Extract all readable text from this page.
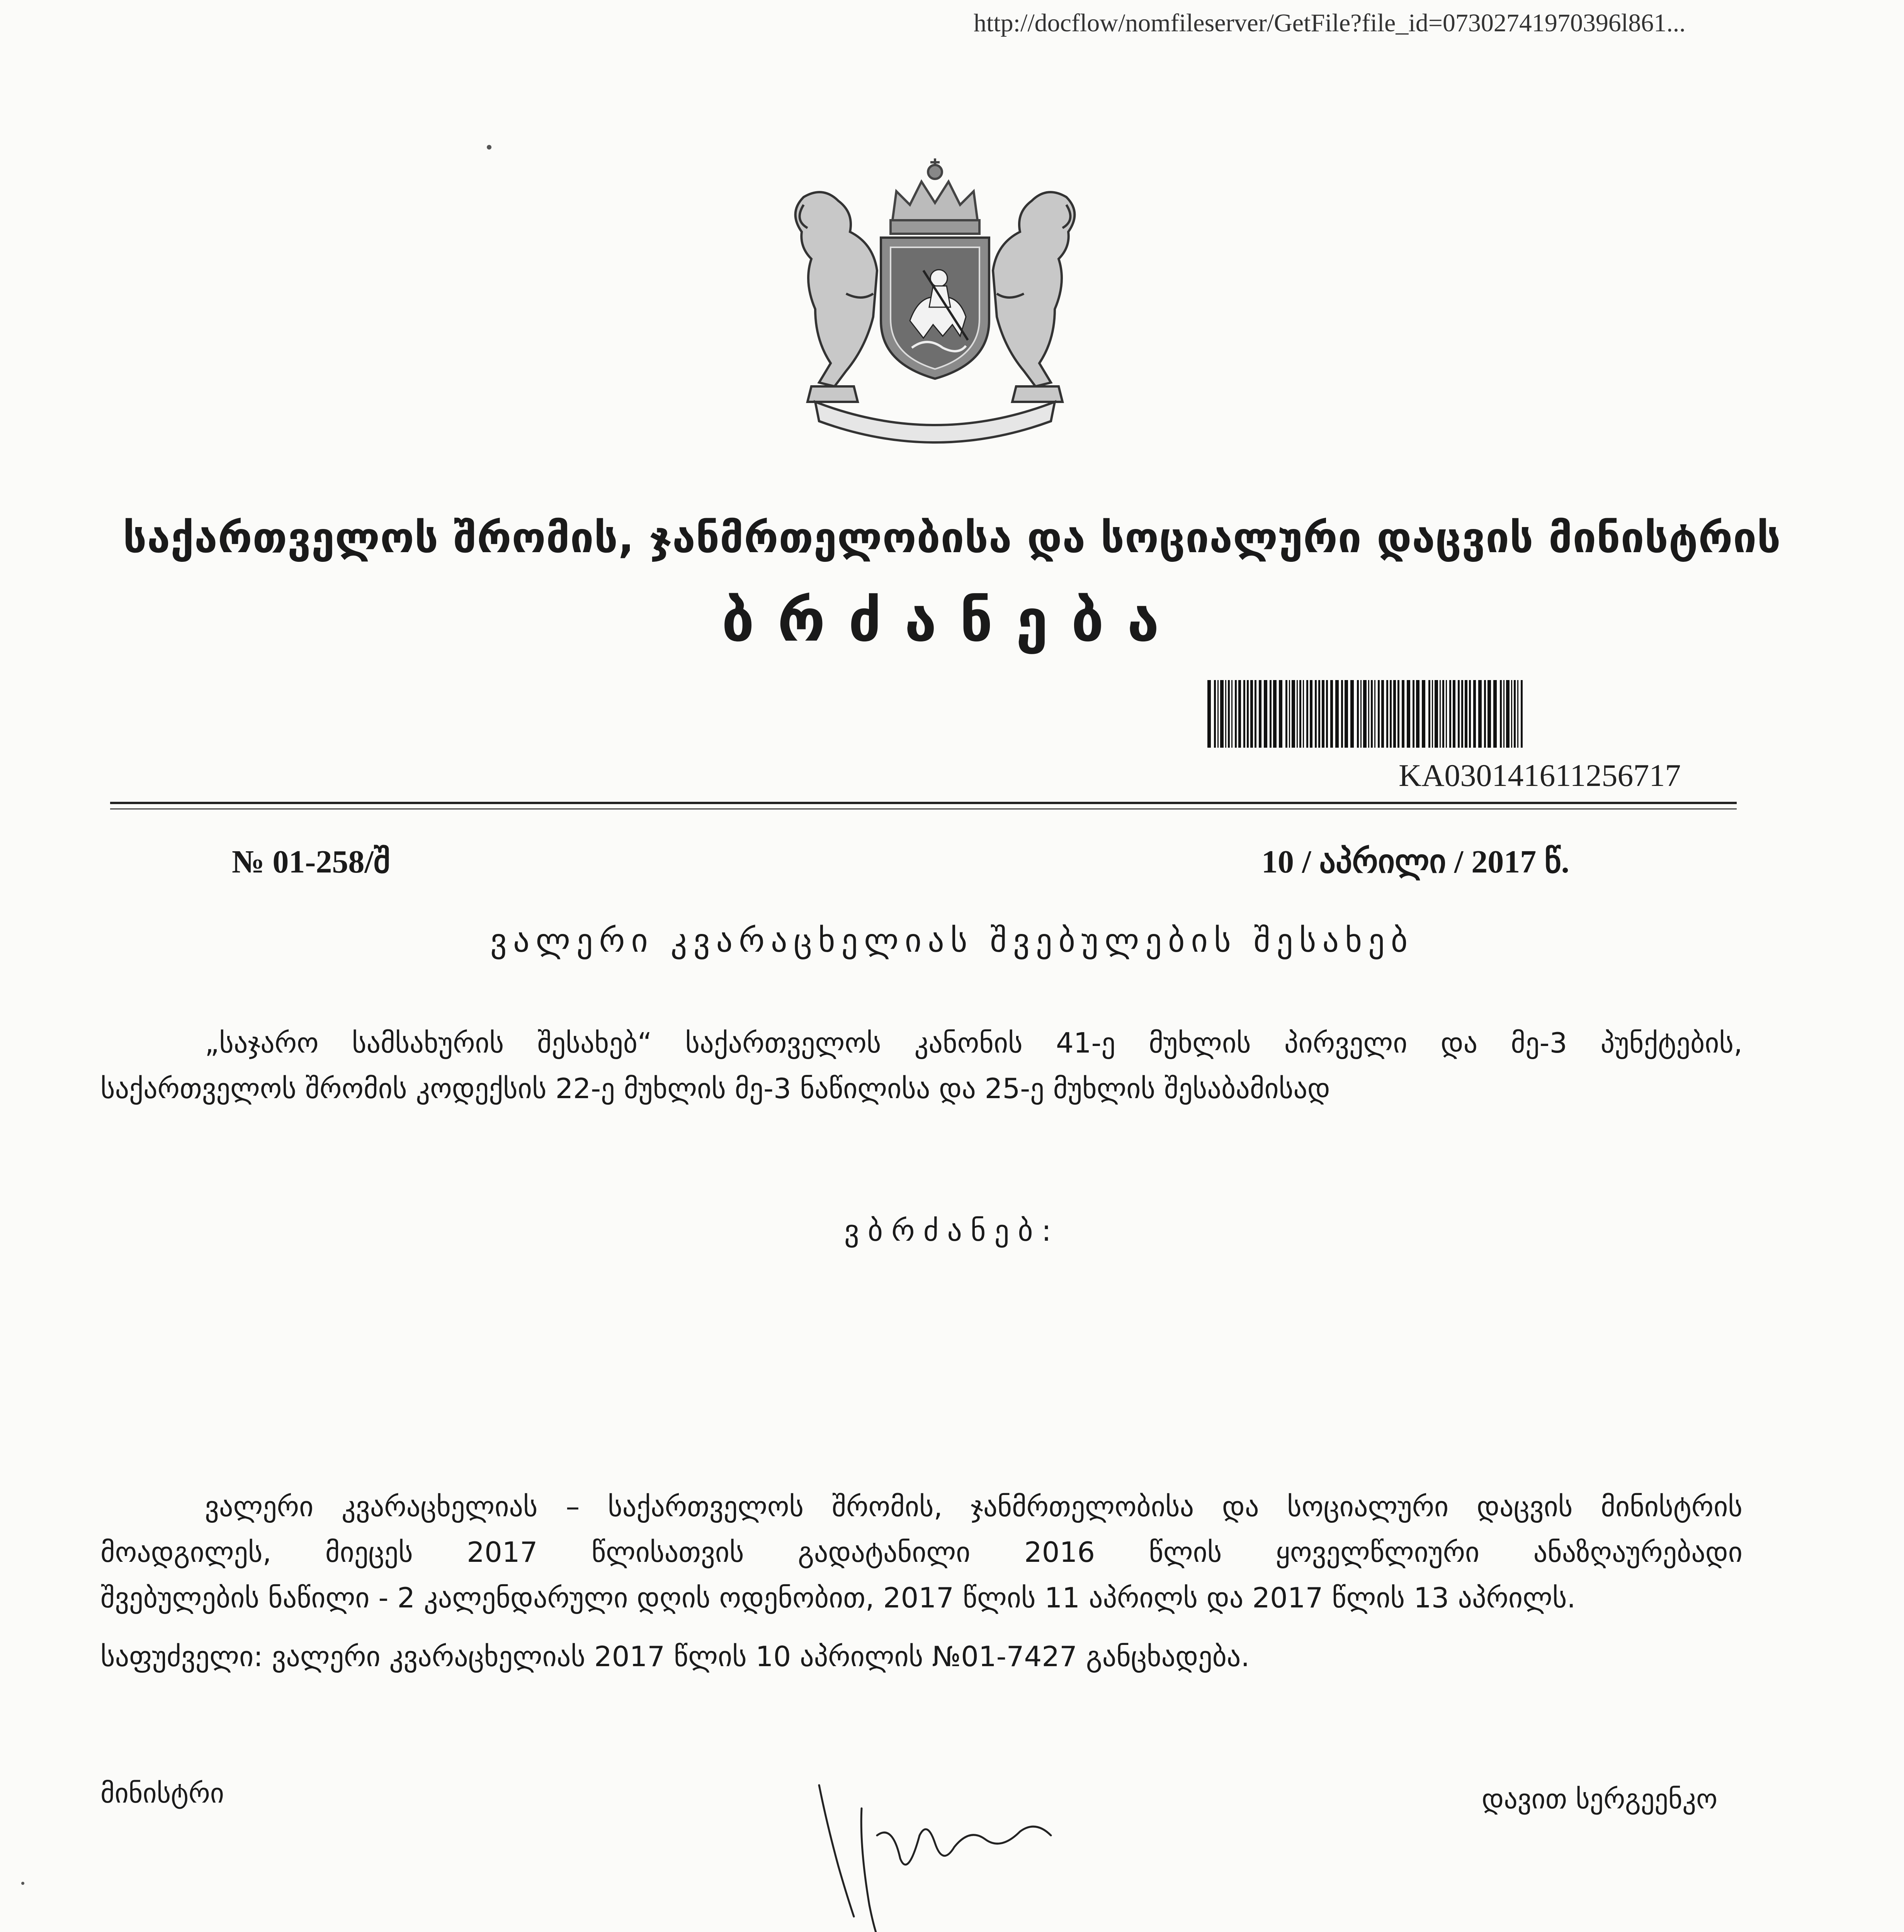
http://docflow/nomfileserver/GetFile?file_id=07302741970396l861...
საქართველოს შრომის, ჯანმრთელობისა და სოციალური დაცვის მინისტრის
ბრძანება
KA030141611256717
№ 01-258/შ	10 / აპრილი / 2017 წ.
ვალერი კვარაცხელიას შვებულების შესახებ
„საჯარო სამსახურის შესახებ“ საქართველოს კანონის 41-ე მუხლის პირველი და მე-3 პუნქტების,
საქართველოს შრომის კოდექსის 22-ე მუხლის მე-3 ნაწილისა და 25-ე მუხლის შესაბამისად
ვბრძანებ:
ვალერი კვარაცხელიას – საქართველოს შრომის, ჯანმრთელობისა და სოციალური დაცვის მინისტრის
მოადგილეს, მიეცეს 2017 წლისათვის გადატანილი 2016 წლის ყოველწლიური ანაზღაურებადი
შვებულების ნაწილი - 2 კალენდარული დღის ოდენობით, 2017 წლის 11 აპრილს და 2017 წლის 13 აპრილს.
საფუძველი: ვალერი კვარაცხელიას 2017 წლის 10 აპრილის №01-7427 განცხადება.
მინისტრი	დავით სერგეენკო
